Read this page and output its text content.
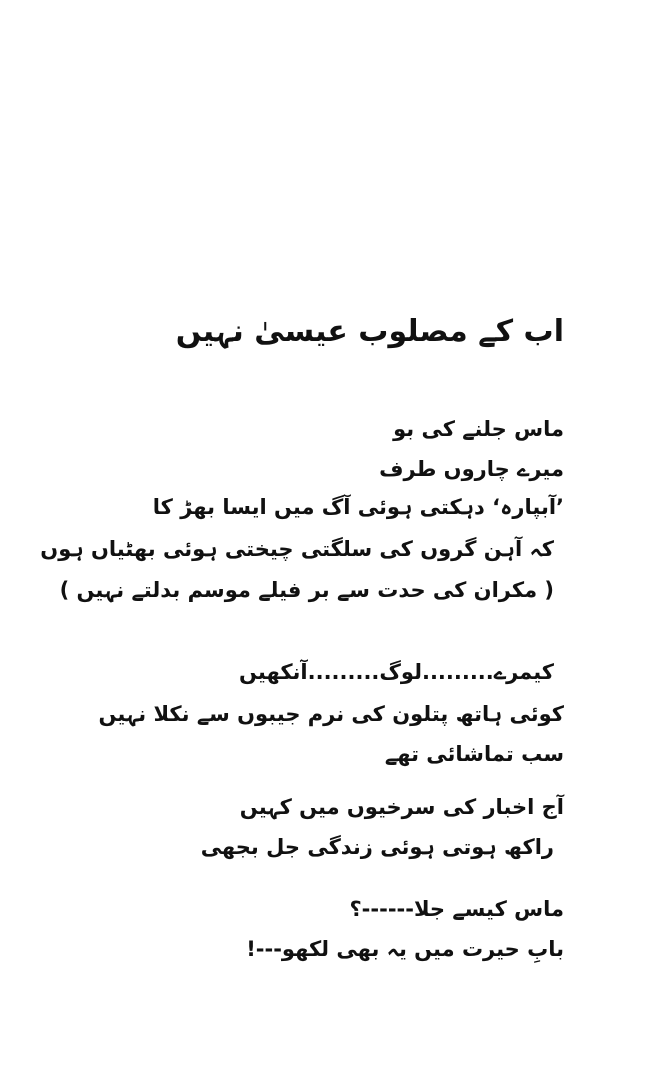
اب کے مصلوب عیسیٰ نہیں
ماس جلنے کی بو
میرے چاروں طرف
’آبپارہ‘ دہکتی ہوئی آگ میں ایسا بھڑ کا
کہ آہن گروں کی سلگتی چیختی ہوئی بھٹیاں ہوں
( مکران کی حدت سے بر فیلے موسم بدلتے نہیں )
کیمرے.........لوگ.........آنکھیں
کوئی ہاتھ پتلون کی نرم جیبوں سے نکلا نہیں
سب تماشائی تھے
آج اخبار کی سرخیوں میں کہیں
راکھ ہوتی ہوئی زندگی جل بجھی
ماس کیسے جلا------؟
بابِ حیرت میں یہ بھی لکھو---!
